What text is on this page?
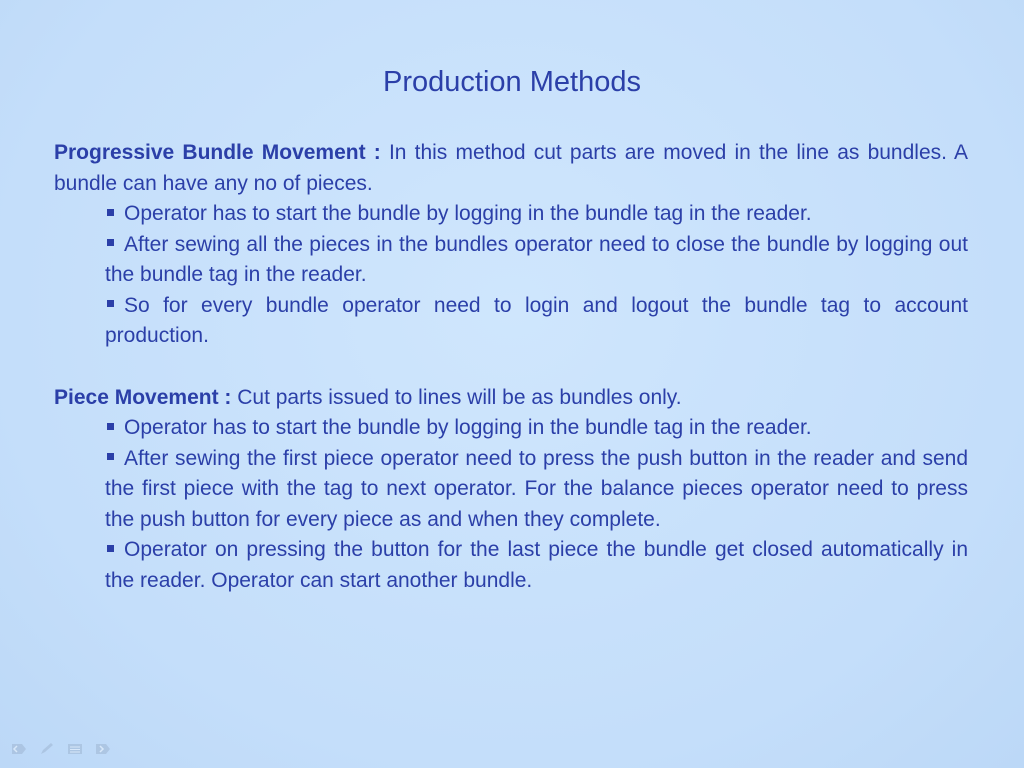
Production Methods

Progressive Bundle Movement : In this method cut parts are moved in the line as bundles. A bundle can have any no of pieces.

Operator has to start the bundle by logging in the bundle tag in the reader.
After sewing all the pieces in the bundles operator need to close the bundle by logging out the bundle tag in the reader.
So for every bundle operator need to login and logout the bundle tag to account production.

Piece Movement : Cut parts issued to lines will be as bundles only.

Operator has to start the bundle by logging in the bundle tag in the reader.
After sewing the first piece operator need to press the push button in the reader and send the first piece with the tag to next operator. For the balance pieces operator need to press the push button for every piece as and when they complete.
Operator on pressing the button for the last piece the bundle get closed automatically in the reader. Operator can start another bundle.
